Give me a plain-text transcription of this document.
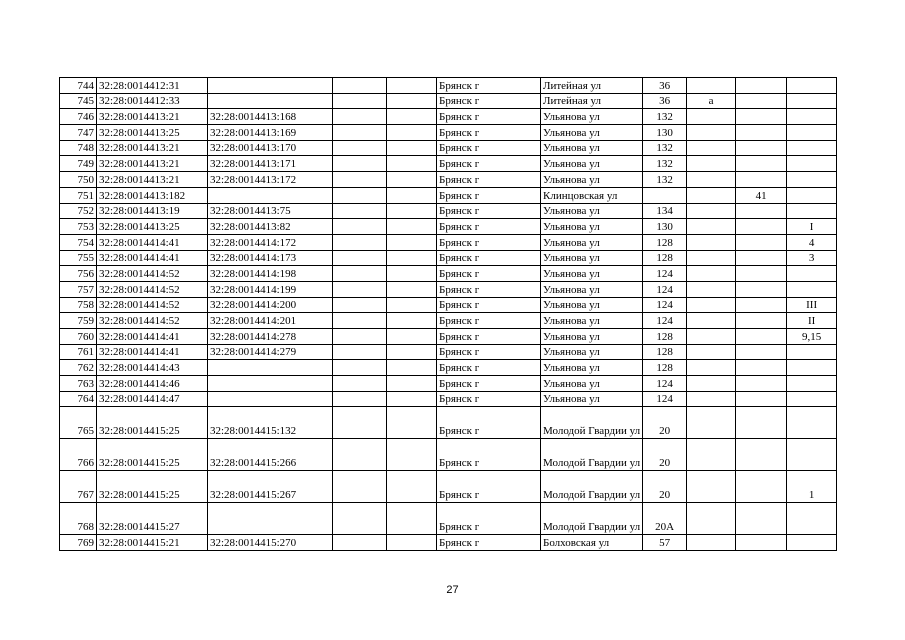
744	32:28:0014412:31				Брянск г	Литейная ул	36			
745	32:28:0014412:33				Брянск г	Литейная ул	36	а		
746	32:28:0014413:21	32:28:0014413:168			Брянск г	Ульянова ул	132			
747	32:28:0014413:25	32:28:0014413:169			Брянск г	Ульянова ул	130			
748	32:28:0014413:21	32:28:0014413:170			Брянск г	Ульянова ул	132			
749	32:28:0014413:21	32:28:0014413:171			Брянск г	Ульянова ул	132			
750	32:28:0014413:21	32:28:0014413:172			Брянск г	Ульянова ул	132			
751	32:28:0014413:182				Брянск г	Клинцовская ул			41	
752	32:28:0014413:19	32:28:0014413:75			Брянск г	Ульянова ул	134			
753	32:28:0014413:25	32:28:0014413:82			Брянск г	Ульянова ул	130			I
754	32:28:0014414:41	32:28:0014414:172			Брянск г	Ульянова ул	128			4
755	32:28:0014414:41	32:28:0014414:173			Брянск г	Ульянова ул	128			3
756	32:28:0014414:52	32:28:0014414:198			Брянск г	Ульянова ул	124			
757	32:28:0014414:52	32:28:0014414:199			Брянск г	Ульянова ул	124			
758	32:28:0014414:52	32:28:0014414:200			Брянск г	Ульянова ул	124			III
759	32:28:0014414:52	32:28:0014414:201			Брянск г	Ульянова ул	124			II
760	32:28:0014414:41	32:28:0014414:278			Брянск г	Ульянова ул	128			9,15
761	32:28:0014414:41	32:28:0014414:279			Брянск г	Ульянова ул	128			
762	32:28:0014414:43				Брянск г	Ульянова ул	128			
763	32:28:0014414:46				Брянск г	Ульянова ул	124			
764	32:28:0014414:47				Брянск г	Ульянова ул	124			
765	32:28:0014415:25	32:28:0014415:132			Брянск г	Молодой Гвардии ул	20			
766	32:28:0014415:25	32:28:0014415:266			Брянск г	Молодой Гвардии ул	20			
767	32:28:0014415:25	32:28:0014415:267			Брянск г	Молодой Гвардии ул	20			1
768	32:28:0014415:27				Брянск г	Молодой Гвардии ул	20А			
769	32:28:0014415:21	32:28:0014415:270			Брянск г	Болховская ул	57			
27
